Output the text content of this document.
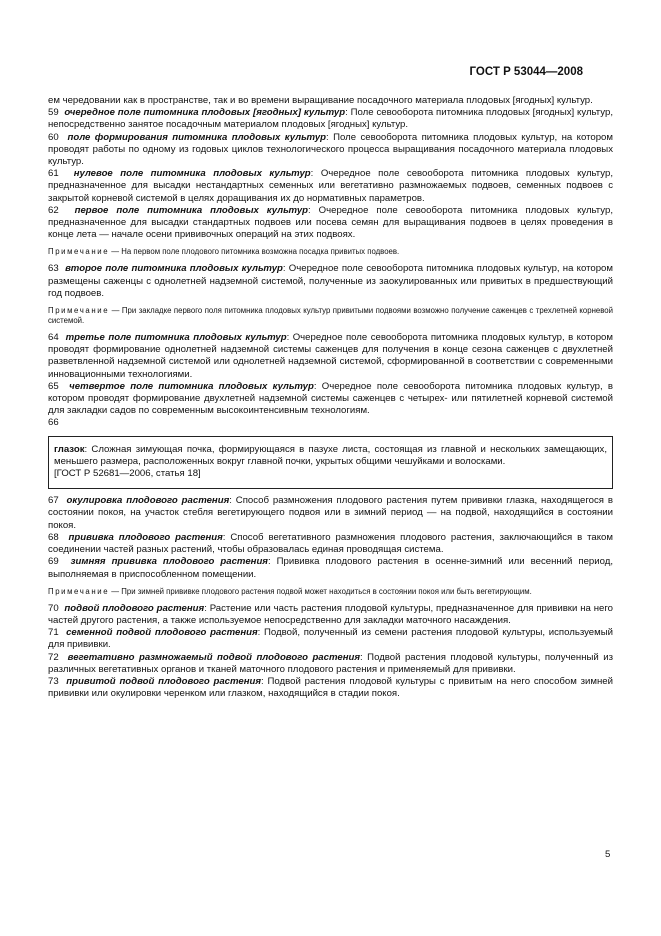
ГОСТ Р 53044—2008

ем чередовании как в пространстве, так и во времени выращивание посадочного материала плодовых [ягодных] культур.

59 очередное поле питомника плодовых [ягодных] культур: Поле севооборота питомника плодовых [ягодных] культур, непосредственно занятое посадочным материалом плодовых [ягодных] культур.

60 поле формирования питомника плодовых культур: Поле севооборота питомника плодовых культур, на котором проводят работы по одному из годовых циклов технологического процесса выращивания посадочного материала плодовых культур.

61 нулевое поле питомника плодовых культур: Очередное поле севооборота питомника плодовых культур, предназначенное для высадки нестандартных семенных или вегетативно размножаемых подвоев, семенных подвоев с закрытой корневой системой в целях доращивания их до нормативных параметров.

62 первое поле питомника плодовых культур: Очередное поле севооборота питомника плодовых культур, предназначенное для высадки стандартных подвоев или посева семян для выращивания подвоев в целях проведения в конце лета — начале осени прививочных операций на этих подвоях.

Примечание — На первом поле плодового питомника возможна посадка привитых подвоев.

63 второе поле питомника плодовых культур: Очередное поле севооборота питомника плодовых культур, на котором размещены саженцы с однолетней надземной системой, полученные из заокулированных или привитых в предшествующий год подвоев.

Примечание — При закладке первого поля питомника плодовых культур привитыми подвоями возможно получение саженцев с трехлетней корневой системой.

64 третье поле питомника плодовых культур: Очередное поле севооборота питомника плодовых культур, в котором проводят формирование однолетней надземной системы саженцев для получения в конце сезона саженцев с двухлетней разветвленной надземной системой или однолетней надземной системой, сформированной в соответствии с современными инновационными технологиями.

65 четвертое поле питомника плодовых культур: Очередное поле севооборота питомника плодовых культур, в котором проводят формирование двухлетней надземной системы саженцев с четырех- или пятилетней корневой системой для закладки садов по современным высокоинтенсивным технологиям.

66

глазок: Сложная зимующая почка, формирующаяся в пазухе листа, состоящая из главной и нескольких замещающих, меньшего размера, расположенных вокруг главной почки, укрытых общими чешуйками и волосками.

[ГОСТ Р 52681—2006, статья 18]

67 окулировка плодового растения: Способ размножения плодового растения путем прививки глазка, находящегося в состоянии покоя, на участок стебля вегетирующего подвоя или в зимний период — на подвой, находящийся в состоянии покоя.

68 прививка плодового растения: Способ вегетативного размножения плодового растения, заключающийся в таком соединении частей разных растений, чтобы образовалась единая проводящая система.

69 зимняя прививка плодового растения: Прививка плодового растения в осенне-зимний или весенний период, выполняемая в приспособленном помещении.

Примечание — При зимней прививке плодового растения подвой может находиться в состоянии покоя или быть вегетирующим.

70 подвой плодового растения: Растение или часть растения плодовой культуры, предназначенное для прививки на него частей другого растения, а также используемое непосредственно для закладки маточного насаждения.

71 семенной подвой плодового растения: Подвой, полученный из семени растения плодовой культуры, используемый для прививки.

72 вегетативно размножаемый подвой плодового растения: Подвой растения плодовой культуры, полученный из различных вегетативных органов и тканей маточного плодового растения и применяемый для прививки.

73 привитой подвой плодового растения: Подвой растения плодовой культуры с привитым на него способом зимней прививки или окулировки черенком или глазком, находящийся в стадии покоя.

5
